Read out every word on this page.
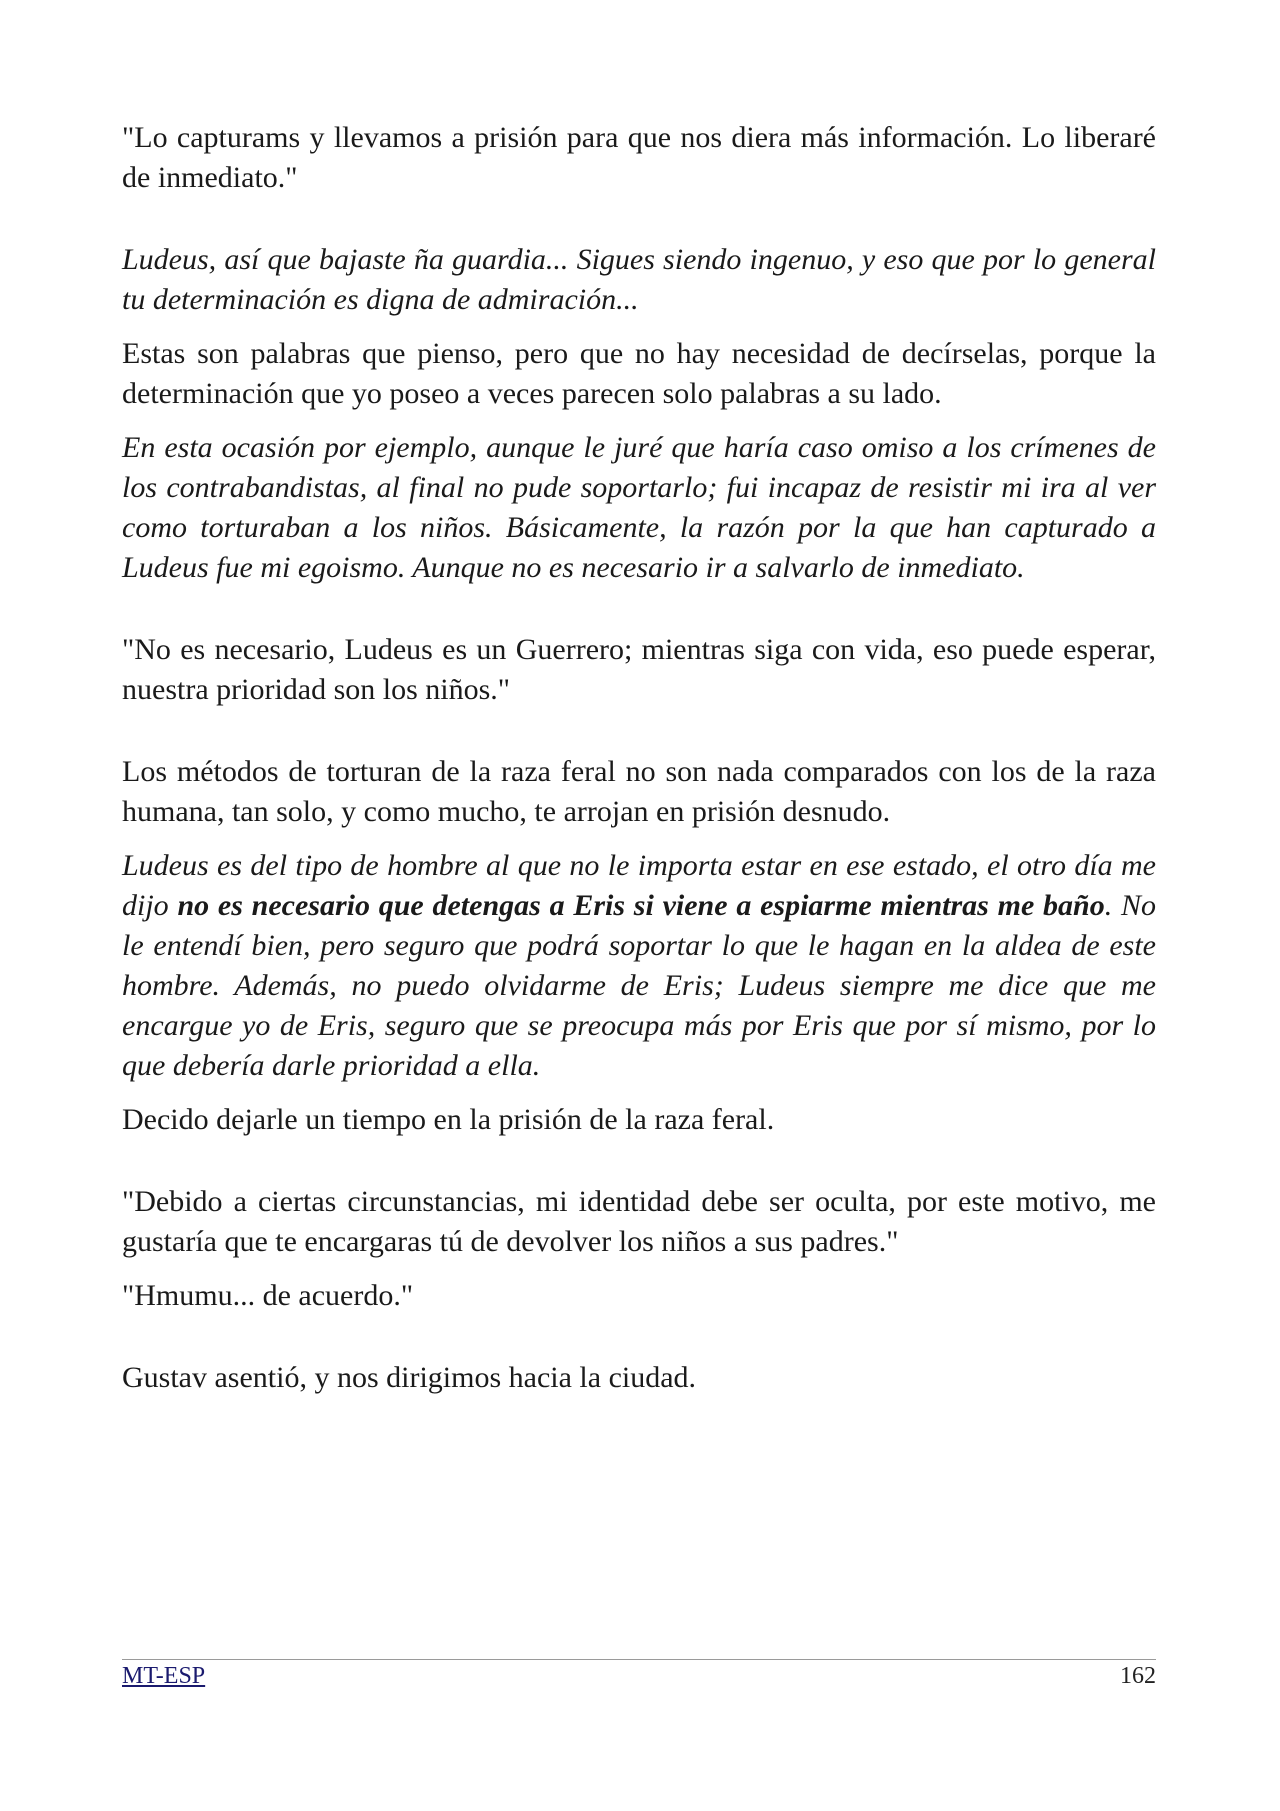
"Lo capturams y llevamos a prisión para que nos diera más información. Lo liberaré de inmediato."

Ludeus, así que bajaste ña guardia... Sigues siendo ingenuo, y eso que por lo general tu determinación es digna de admiración...

Estas son palabras que pienso, pero que no hay necesidad de decírselas, porque la determinación que yo poseo a veces parecen solo palabras a su lado.

En esta ocasión por ejemplo, aunque le juré que haría caso omiso a los crímenes de los contrabandistas, al final no pude soportarlo; fui incapaz de resistir mi ira al ver como torturaban a los niños. Básicamente, la razón por la que han capturado a Ludeus fue mi egoismo. Aunque no es necesario ir a salvarlo de inmediato.

"No es necesario, Ludeus es un Guerrero; mientras siga con vida, eso puede esperar, nuestra prioridad son los niños."

Los métodos de torturan de la raza feral no son nada comparados con los de la raza humana, tan solo, y como mucho, te arrojan en prisión desnudo.

Ludeus es del tipo de hombre al que no le importa estar en ese estado, el otro día me dijo no es necesario que detengas a Eris si viene a espiarme mientras me baño. No le entendí bien, pero seguro que podrá soportar lo que le hagan en la aldea de este hombre. Además, no puedo olvidarme de Eris; Ludeus siempre me dice que me encargue yo de Eris, seguro que se preocupa más por Eris que por sí mismo, por lo que debería darle prioridad a ella.

Decido dejarle un tiempo en la prisión de la raza feral.

"Debido a ciertas circunstancias, mi identidad debe ser oculta, por este motivo, me gustaría que te encargaras tú de devolver los niños a sus padres."

"Hmumu... de acuerdo."

Gustav asentió, y nos dirigimos hacia la ciudad.

MT-ESP	162
